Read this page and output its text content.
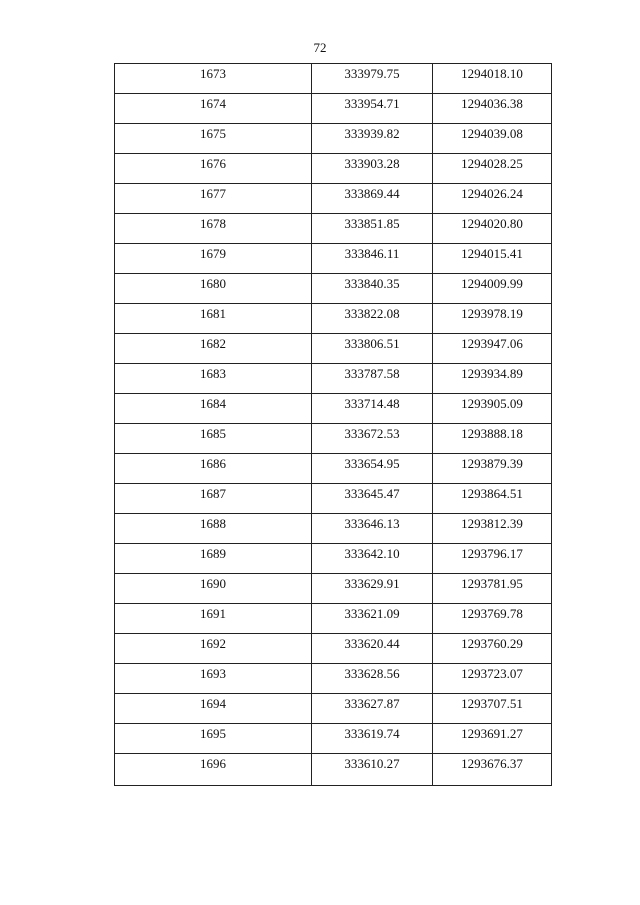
72
1673	333979.75	1294018.10
1674	333954.71	1294036.38
1675	333939.82	1294039.08
1676	333903.28	1294028.25
1677	333869.44	1294026.24
1678	333851.85	1294020.80
1679	333846.11	1294015.41
1680	333840.35	1294009.99
1681	333822.08	1293978.19
1682	333806.51	1293947.06
1683	333787.58	1293934.89
1684	333714.48	1293905.09
1685	333672.53	1293888.18
1686	333654.95	1293879.39
1687	333645.47	1293864.51
1688	333646.13	1293812.39
1689	333642.10	1293796.17
1690	333629.91	1293781.95
1691	333621.09	1293769.78
1692	333620.44	1293760.29
1693	333628.56	1293723.07
1694	333627.87	1293707.51
1695	333619.74	1293691.27
1696	333610.27	1293676.37
